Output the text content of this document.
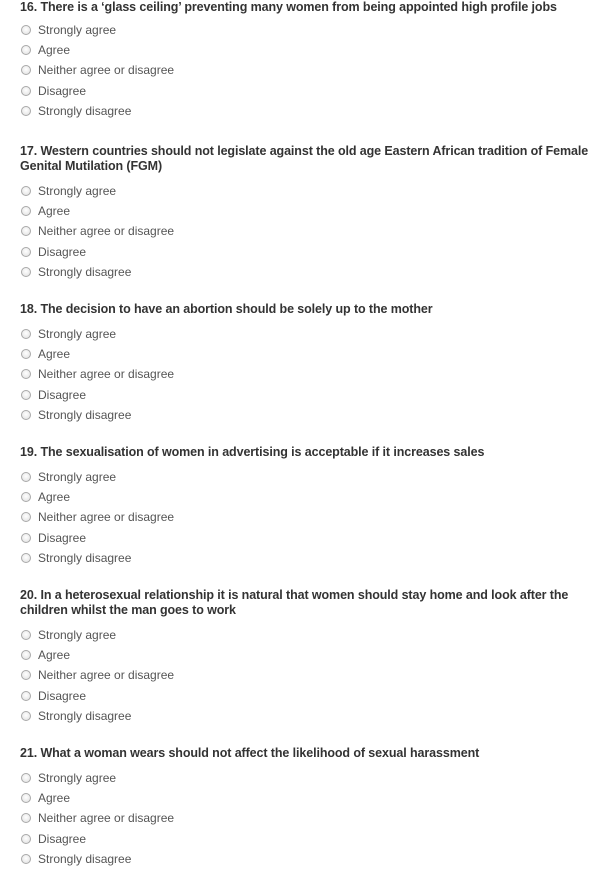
16. There is a ‘glass ceiling’ preventing many women from being appointed high profile jobs

Strongly agree
Agree
Neither agree or disagree
Disagree
Strongly disagree

17. Western countries should not legislate against the old age Eastern African tradition of Female Genital Mutilation (FGM)

Strongly agree
Agree
Neither agree or disagree
Disagree
Strongly disagree

18. The decision to have an abortion should be solely up to the mother

Strongly agree
Agree
Neither agree or disagree
Disagree
Strongly disagree

19. The sexualisation of women in advertising is acceptable if it increases sales

Strongly agree
Agree
Neither agree or disagree
Disagree
Strongly disagree

20. In a heterosexual relationship it is natural that women should stay home and look after the children whilst the man goes to work

Strongly agree
Agree
Neither agree or disagree
Disagree
Strongly disagree

21. What a woman wears should not affect the likelihood of sexual harassment

Strongly agree
Agree
Neither agree or disagree
Disagree
Strongly disagree
